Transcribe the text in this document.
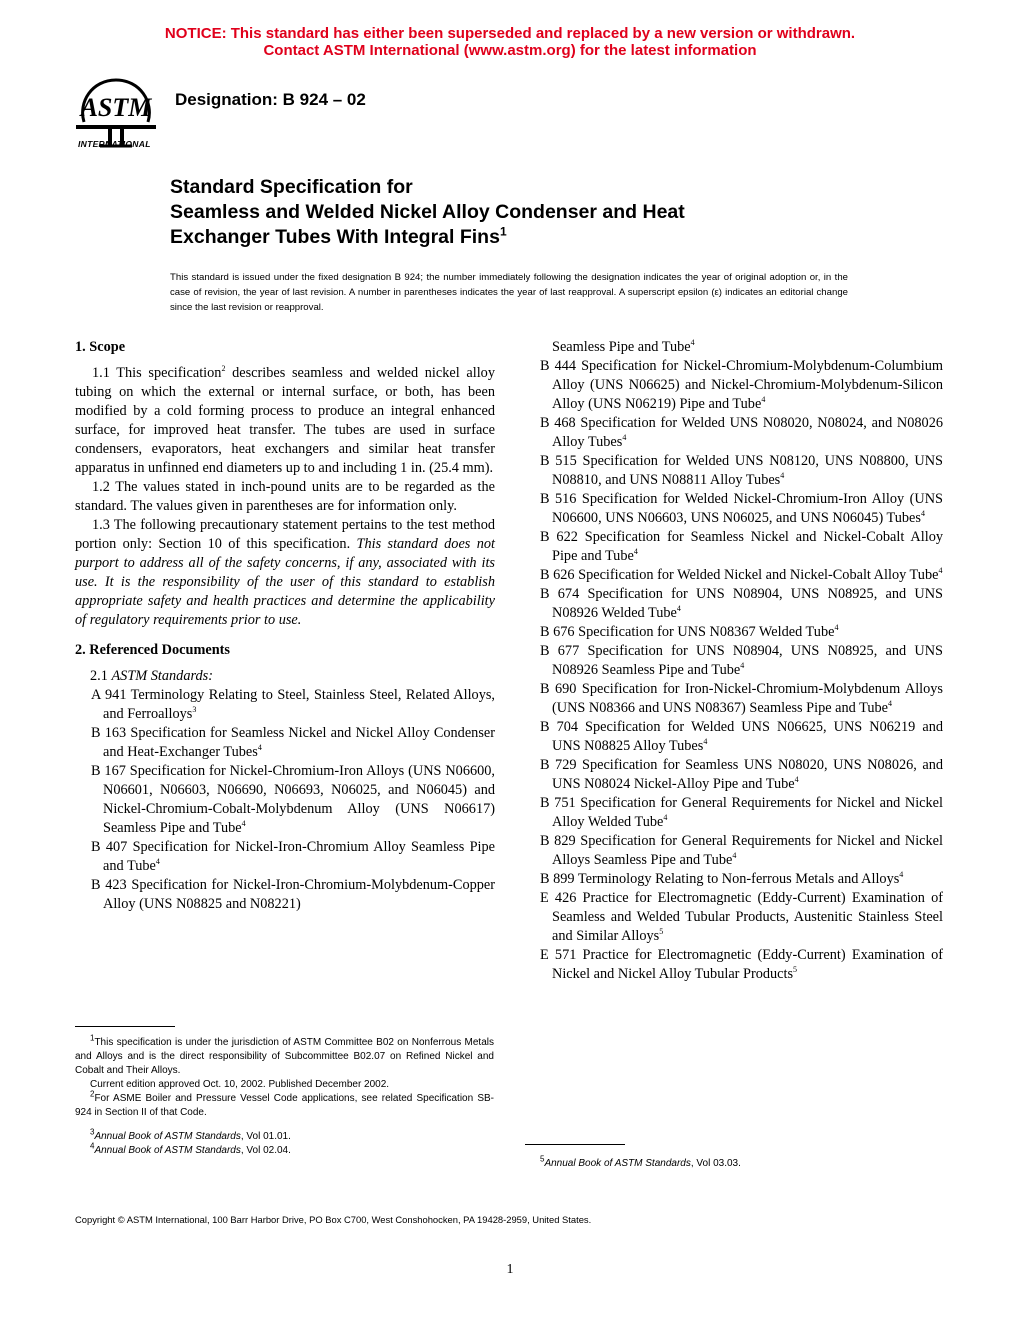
NOTICE: This standard has either been superseded and replaced by a new version or withdrawn.
Contact ASTM International (www.astm.org) for the latest information
ASTM
INTERNATIONAL
Designation: B 924 – 02
Standard Specification for
Seamless and Welded Nickel Alloy Condenser and Heat
Exchanger Tubes With Integral Fins$^1$
This standard is issued under the fixed designation B 924; the number immediately following the designation indicates the year of original adoption or, in the case of revision, the year of last revision. A number in parentheses indicates the year of last reapproval. A superscript epsilon (ε) indicates an editorial change since the last revision or reapproval.
1. Scope

1.1 This specification$^2$ describes seamless and welded nickel alloy tubing on which the external or internal surface, or both, has been modified by a cold forming process to produce an integral enhanced surface, for improved heat transfer. The tubes are used in surface condensers, evaporators, heat exchangers and similar heat transfer apparatus in unfinned end diameters up to and including 1 in. (25.4 mm).

1.2 The values stated in inch-pound units are to be regarded as the standard. The values given in parentheses are for information only.

1.3 The following precautionary statement pertains to the test method portion only: Section 10 of this specification. This standard does not purport to address all of the safety concerns, if any, associated with its use. It is the responsibility of the user of this standard to establish appropriate safety and health practices and determine the applicability of regulatory requirements prior to use.

2. Referenced Documents
2.1 ASTM Standards:
A 941 Terminology Relating to Steel, Stainless Steel, Related Alloys, and Ferroalloys$^3$
B 163 Specification for Seamless Nickel and Nickel Alloy Condenser and Heat-Exchanger Tubes$^4$
B 167 Specification for Nickel-Chromium-Iron Alloys (UNS N06600, N06601, N06603, N06690, N06693, N06025, and N06045) and Nickel-Chromium-Cobalt-Molybdenum Alloy (UNS N06617) Seamless Pipe and Tube$^4$
B 407 Specification for Nickel-Iron-Chromium Alloy Seamless Pipe and Tube$^4$
B 423 Specification for Nickel-Iron-Chromium-Molybdenum-Copper Alloy (UNS N08825 and N08221)
Seamless Pipe and Tube$^4$
B 444 Specification for Nickel-Chromium-Molybdenum-Columbium Alloy (UNS N06625) and Nickel-Chromium-Molybdenum-Silicon Alloy (UNS N06219) Pipe and Tube$^4$
B 468 Specification for Welded UNS N08020, N08024, and N08026 Alloy Tubes$^4$
B 515 Specification for Welded UNS N08120, UNS N08800, UNS N08810, and UNS N08811 Alloy Tubes$^4$
B 516 Specification for Welded Nickel-Chromium-Iron Alloy (UNS N06600, UNS N06603, UNS N06025, and UNS N06045) Tubes$^4$
B 622 Specification for Seamless Nickel and Nickel-Cobalt Alloy Pipe and Tube$^4$
B 626 Specification for Welded Nickel and Nickel-Cobalt Alloy Tube$^4$
B 674 Specification for UNS N08904, UNS N08925, and UNS N08926 Welded Tube$^4$
B 676 Specification for UNS N08367 Welded Tube$^4$
B 677 Specification for UNS N08904, UNS N08925, and UNS N08926 Seamless Pipe and Tube$^4$
B 690 Specification for Iron-Nickel-Chromium-Molybdenum Alloys (UNS N08366 and UNS N08367) Seamless Pipe and Tube$^4$
B 704 Specification for Welded UNS N06625, UNS N06219 and UNS N08825 Alloy Tubes$^4$
B 729 Specification for Seamless UNS N08020, UNS N08026, and UNS N08024 Nickel-Alloy Pipe and Tube$^4$
B 751 Specification for General Requirements for Nickel and Nickel Alloy Welded Tube$^4$
B 829 Specification for General Requirements for Nickel and Nickel Alloys Seamless Pipe and Tube$^4$
B 899 Terminology Relating to Non-ferrous Metals and Alloys$^4$
E 426 Practice for Electromagnetic (Eddy-Current) Examination of Seamless and Welded Tubular Products, Austenitic Stainless Steel and Similar Alloys$^5$
E 571 Practice for Electromagnetic (Eddy-Current) Examination of Nickel and Nickel Alloy Tubular Products$^5$

$^1$This specification is under the jurisdiction of ASTM Committee B02 on Nonferrous Metals and Alloys and is the direct responsibility of Subcommittee B02.07 on Refined Nickel and Cobalt and Their Alloys.

Current edition approved Oct. 10, 2002. Published December 2002.

$^2$For ASME Boiler and Pressure Vessel Code applications, see related Specification SB-924 in Section II of that Code.

$^3$Annual Book of ASTM Standards, Vol 01.01.

$^4$Annual Book of ASTM Standards, Vol 02.04.

$^5$Annual Book of ASTM Standards, Vol 03.03.
Copyright © ASTM International, 100 Barr Harbor Drive, PO Box C700, West Conshohocken, PA 19428-2959, United States.
1
